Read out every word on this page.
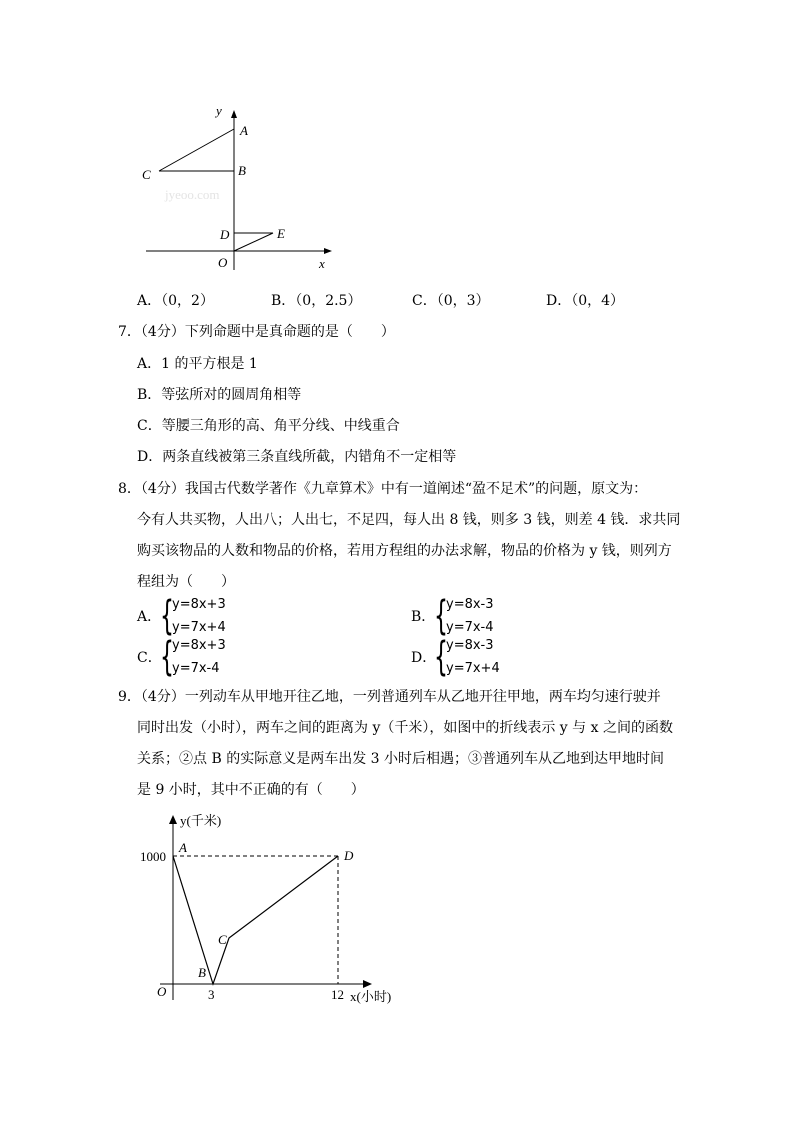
y
A
B
C
D	E
O	x
jyeoo.com
A．（0，2）	B．（0，2.5）	C．（0，3）	D．（0，4）
7．（4分）下列命题中是真命题的是（　　）
A．1 的平方根是 1
B．等弦所对的圆周角相等
C．等腰三角形的高、角平分线、中线重合
D．两条直线被第三条直线所截，内错角不一定相等
8．（4分）我国古代数学著作《九章算术》中有一道阐述“盈不足术”的问题，原文为：
今有人共买物，人出八；人出七，不足四，每人出 8 钱，则多 3 钱，则差 4 钱．求共同
购买该物品的人数和物品的价格，若用方程组的办法求解，物品的价格为 y 钱，则列方
程组为（　　）
A．
{
y=8x+3
y=7x+4
B．
{
y=8x-3
y=7x-4
C．
{
y=8x+3
y=7x-4
D．
{
y=8x-3
y=7x+4
9．（4分）一列动车从甲地开往乙地，一列普通列车从乙地开往甲地，两车均匀速行驶并
同时出发（小时），两车之间的距离为 y（千米），如图中的折线表示 y 与 x 之间的函数
关系；②点 B 的实际意义是两车出发 3 小时后相遇；③普通列车从乙地到达甲地时间
是 9 小时，其中不正确的有（　　）
y(千米)
1000
A
B
C
D
O	3	12 x(小时)
